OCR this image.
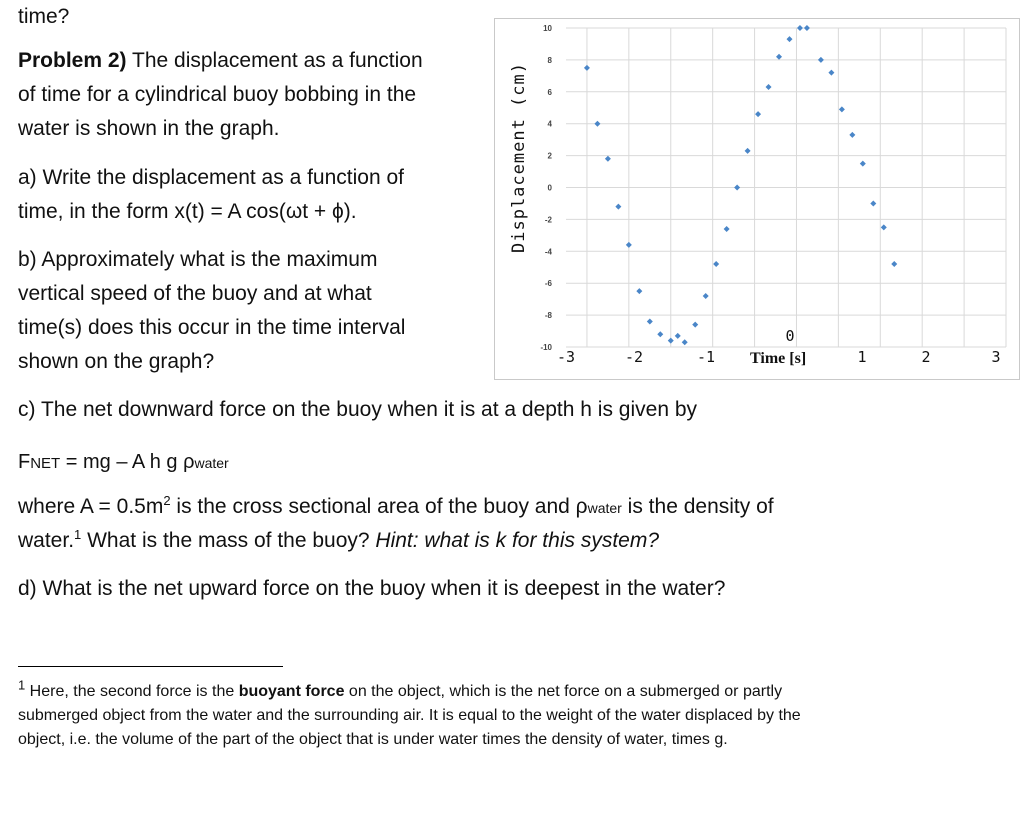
time?
Problem 2) The displacement as a function
of time for a cylindrical buoy bobbing in the
water is shown in the graph.
a) Write the displacement as a function of
time, in the form x(t) = A cos(ωt + ϕ).
b) Approximately what is the maximum
vertical speed of the buoy and at what
time(s) does this occur in the time interval
shown on the graph?
c) The net downward force on the buoy when it is at a depth h is given by
FNET = mg – A h g ρwater
where $A = 0.5m^2$ is the cross sectional area of the buoy and ρwater is the density of
water.$^1$ What is the mass of the buoy? Hint: what is k for this system?
d) What is the net upward force on the buoy when it is deepest in the water?
$^1$ Here, the second force is the buoyant force on the object, which is the net force on a submerged or partly
submerged object from the water and the surrounding air. It is equal to the weight of the water displaced by the
object, i.e. the volume of the part of the object that is under water times the density of water, times g.
10
8
6
4
2
0
-2
-4
-6
-8
-10
-3	-2	-1
0
1	2	3
Displacement (cm)
Time [s]
